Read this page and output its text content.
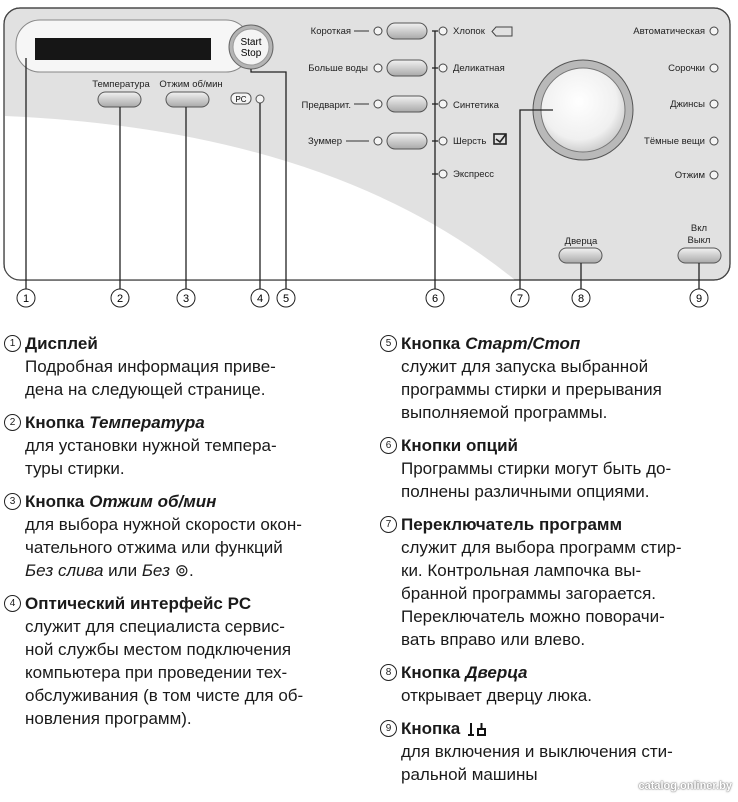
Start
Stop
Температура Отжим об/мин
PC
Короткая
Больше воды
Предварит.
Зуммер
Хлопок
Деликатная
Синтетика
Шерсть
Экспресс
Автоматическая
Сорочки
Джинсы
Тёмные вещи
Отжим
Дверца
Вкл
Выкл
1	2	3	4 5	6	7	8	9
1 Дисплей
Подробная информация приве-
дена на следующей странице.
2 Кнопка Температура
для установки нужной темпера-
туры стирки.
3 Кнопка Отжим об/мин
для выбора нужной скорости окон-
чательного отжима или функций
Без слива или Без ⊚.
4 Оптический интерфейс PC
служит для специалиста сервис-
ной службы местом подключения
компьютера при проведении тех-
обслуживания (в том чисте для об-
новления программ).
5 Кнопка Старт/Стоп
служит для запуска выбранной
программы стирки и прерывания
выполняемой программы.
6 Кнопки опций
Программы стирки могут быть до-
полнены различными опциями.
7 Переключатель программ
служит для выбора программ стир-
ки. Контрольная лампочка вы-
бранной программы загорается.
Переключатель можно поворачи-
вать вправо или влево.
8 Кнопка Дверца
открывает дверцу люка.
9 Кнопка
для включения и выключения сти-
ральной машины
catalog.onliner.by
